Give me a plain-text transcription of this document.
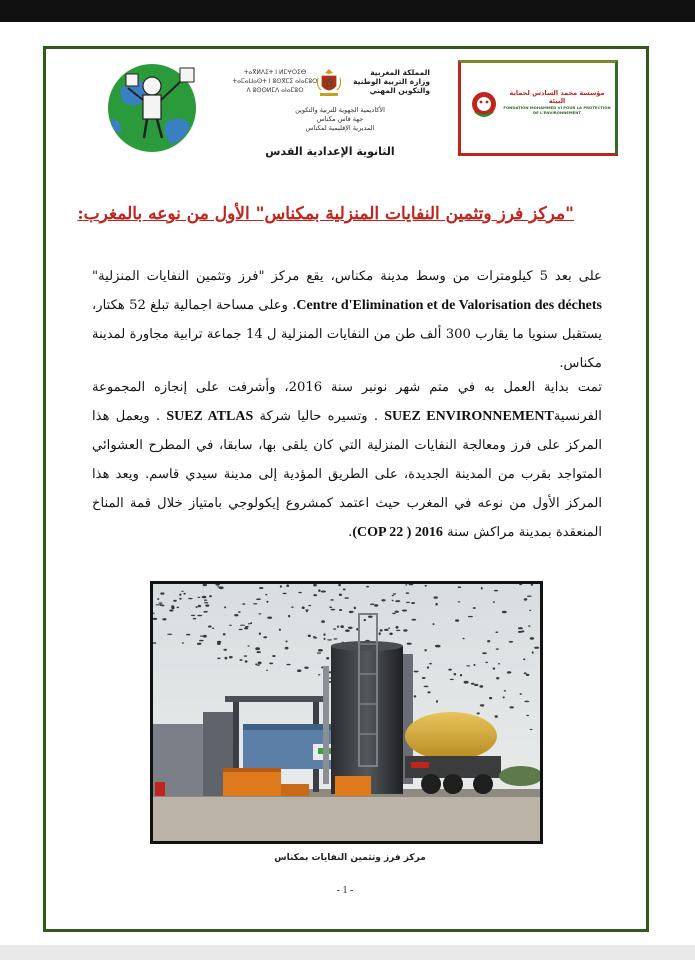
ⵜⴰⴳⵍⴷⵉⵜ ⵏ ⵍⵎⵖⵔⵉⴱ
ⵜⴰⵎⴰⵡⴰⵙⵜ ⵏ ⵓⵙⴳⵎⵉ ⴰⵏⴰⵎⵓⵔ
ⴷ ⵓⵙⵙⵍⵎⴷ ⴰⵏⴰⵎⵓⵔ
المملكة المغربية
وزارة التربية الوطنية
والتكوين المهني
الأكاديمية الجهوية للتربية والتكوين
جهة فاس مكناس
المديرية الإقليمية لمكناس
الثانوية الإعدادية القدس
مؤسسة محمد السادس لحماية البيئة
FONDATION MOHAMMED VI POUR LA PROTECTION DE L'ENVIRONNEMENT
"مركز فرز وتثمين النفايات المنزلية بمكناس" الأول من نوعه بالمغرب:
على بعد 5 كيلومترات من وسط مدينة مكناس، يقع مركز "فرز وتثمين النفايات المنزلية" Centre d'Elimination et de Valorisation des déchets. وعلى مساحة اجمالية تبلغ 52 هكتار، يستقبل سنويا ما يقارب 300 ألف طن من النفايات المنزلية ل 14 جماعة ترابية مجاورة لمدينة مكناس.
تمت بداية العمل به في متم شهر نونبر سنة 2016، وأشرفت على إنجازه المجموعة الفرنسيةSUEZ ENVIRONNEMENT . وتسيره حاليا شركة SUEZ ATLAS . ويعمل هذا المركز على فرز ومعالجة النفايات المنزلية التي كان يلقى بها، سابقا، في المطرح العشوائي المتواجد بقرب من المدينة الجديدة، على الطريق المؤدية إلى مدينة سيدي قاسم. ويعد هذا المركز الأول من نوعه في المغرب حيث اعتمد كمشروع إيكولوجي بامتياز خلال قمة المناخ المنعقدة بمدينة مراكش سنة (COP 22 ) 2016.
مركز فرز وتثمين النفايات بمكناس
- 1 -
